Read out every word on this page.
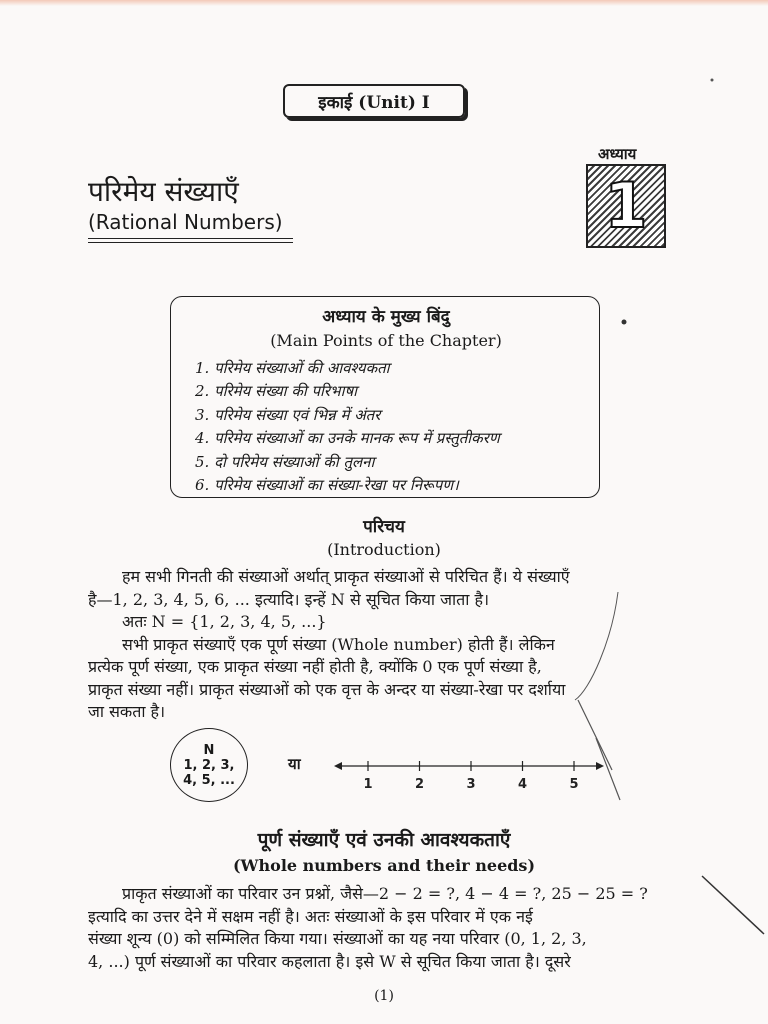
इकाई (Unit) I
अध्याय
1
परिमेय संख्याएँ
(Rational Numbers)
अध्याय के मुख्य बिंदु
(Main Points of the Chapter)
1. परिमेय संख्याओं की आवश्यकता
2. परिमेय संख्या की परिभाषा
3. परिमेय संख्या एवं भिन्न में अंतर
4. परिमेय संख्याओं का उनके मानक रूप में प्रस्तुतीकरण
5. दो परिमेय संख्याओं की तुलना
6. परिमेय संख्याओं का संख्या-रेखा पर निरूपण।
परिचय
(Introduction)

हम सभी गिनती की संख्याओं अर्थात् प्राकृत संख्याओं से परिचित हैं। ये संख्याएँ

है—1, 2, 3, 4, 5, 6, ... इत्यादि। इन्हें N से सूचित किया जाता है।

अतः N = {1, 2, 3, 4, 5, ...}

सभी प्राकृत संख्याएँ एक पूर्ण संख्या (Whole number) होती हैं। लेकिन

प्रत्येक पूर्ण संख्या, एक प्राकृत संख्या नहीं होती है, क्योंकि 0 एक पूर्ण संख्या है,

प्राकृत संख्या नहीं। प्राकृत संख्याओं को एक वृत्त के अन्दर या संख्या-रेखा पर दर्शाया

जा सकता है।

N
1, 2, 3,
4, 5, ...
या
1	2	3	4	5
पूर्ण संख्याएँ एवं उनकी आवश्यकताएँ
(Whole numbers and their needs)

प्राकृत संख्याओं का परिवार उन प्रश्नों, जैसे—2 − 2 = ?, 4 − 4 = ?, 25 − 25 = ?

इत्यादि का उत्तर देने में सक्षम नहीं है। अतः संख्याओं के इस परिवार में एक नई

संख्या शून्य (0) को सम्मिलित किया गया। संख्याओं का यह नया परिवार (0, 1, 2, 3,

4, ...) पूर्ण संख्याओं का परिवार कहलाता है। इसे W से सूचित किया जाता है। दूसरे

(1)
